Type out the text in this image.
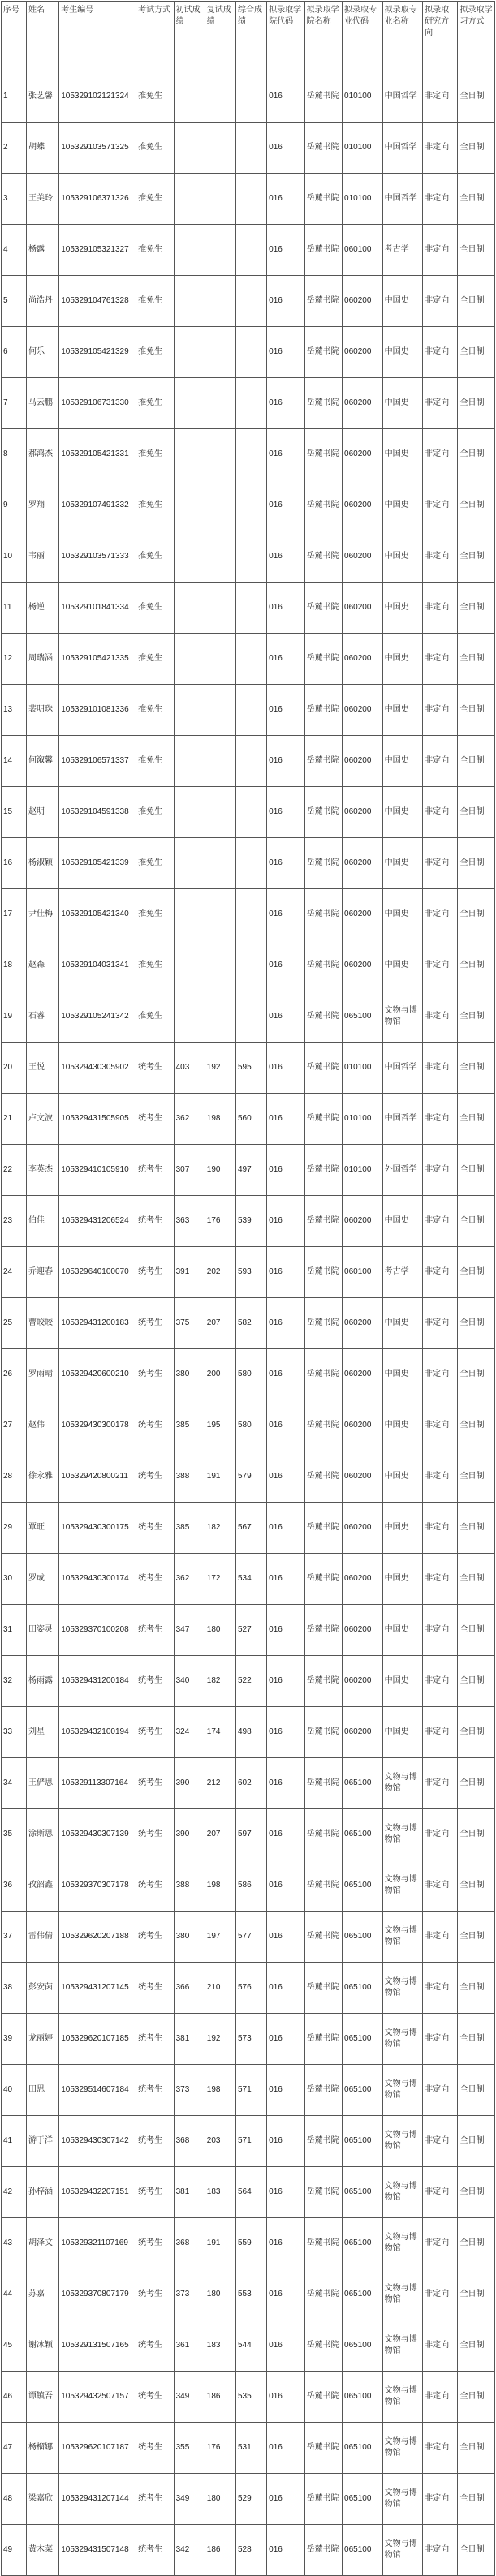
序号	姓名	考生编号	考试方式	初试成绩	复试成绩	综合成绩	拟录取学院代码	拟录取学院名称	拟录取专业代码	拟录取专业名称	拟录取研究方向	拟录取学习方式
1	张艺馨	105329102121324	推免生				016	岳麓书院	010100	中国哲学	非定向	全日制
2	胡蝶	105329103571325	推免生				016	岳麓书院	010100	中国哲学	非定向	全日制
3	王美玲	105329106371326	推免生				016	岳麓书院	010100	中国哲学	非定向	全日制
4	杨露	105329105321327	推免生				016	岳麓书院	060100	考古学	非定向	全日制
5	尚浩丹	105329104761328	推免生				016	岳麓书院	060200	中国史	非定向	全日制
6	何乐	105329105421329	推免生				016	岳麓书院	060200	中国史	非定向	全日制
7	马云鹏	105329106731330	推免生				016	岳麓书院	060200	中国史	非定向	全日制
8	郝鸿杰	105329105421331	推免生				016	岳麓书院	060200	中国史	非定向	全日制
9	罗翔	105329107491332	推免生				016	岳麓书院	060200	中国史	非定向	全日制
10	韦丽	105329103571333	推免生				016	岳麓书院	060200	中国史	非定向	全日制
11	杨逆	105329101841334	推免生				016	岳麓书院	060200	中国史	非定向	全日制
12	周瑞涵	105329105421335	推免生				016	岳麓书院	060200	中国史	非定向	全日制
13	裴明珠	105329101081336	推免生				016	岳麓书院	060200	中国史	非定向	全日制
14	何溆馨	105329106571337	推免生				016	岳麓书院	060200	中国史	非定向	全日制
15	赵明	105329104591338	推免生				016	岳麓书院	060200	中国史	非定向	全日制
16	杨淑颖	105329105421339	推免生				016	岳麓书院	060200	中国史	非定向	全日制
17	尹佳梅	105329105421340	推免生				016	岳麓书院	060200	中国史	非定向	全日制
18	赵森	105329104031341	推免生				016	岳麓书院	060200	中国史	非定向	全日制
19	石睿	105329105241342	推免生				016	岳麓书院	065100	文物与博物馆	非定向	全日制
20	王悦	105329430305902	统考生	403	192	595	016	岳麓书院	010100	中国哲学	非定向	全日制
21	卢文波	105329431505905	统考生	362	198	560	016	岳麓书院	010100	中国哲学	非定向	全日制
22	李英杰	105329410105910	统考生	307	190	497	016	岳麓书院	010100	外国哲学	非定向	全日制
23	伯佳	105329431206524	统考生	363	176	539	016	岳麓书院	060200	中国史	非定向	全日制
24	乔迎春	105329640100070	统考生	391	202	593	016	岳麓书院	060100	考古学	非定向	全日制
25	曹皎皎	105329431200183	统考生	375	207	582	016	岳麓书院	060200	中国史	非定向	全日制
26	罗雨晴	105329420600210	统考生	380	200	580	016	岳麓书院	060200	中国史	非定向	全日制
27	赵伟	105329430300178	统考生	385	195	580	016	岳麓书院	060200	中国史	非定向	全日制
28	徐永雅	105329420800211	统考生	388	191	579	016	岳麓书院	060200	中国史	非定向	全日制
29	覃旺	105329430300175	统考生	385	182	567	016	岳麓书院	060200	中国史	非定向	全日制
30	罗成	105329430300174	统考生	362	172	534	016	岳麓书院	060200	中国史	非定向	全日制
31	田姿灵	105329370100208	统考生	347	180	527	016	岳麓书院	060200	中国史	非定向	全日制
32	杨雨露	105329431200184	统考生	340	182	522	016	岳麓书院	060200	中国史	非定向	全日制
33	刘星	105329432100194	统考生	324	174	498	016	岳麓书院	060200	中国史	非定向	全日制
34	王俨思	105329113307164	统考生	390	212	602	016	岳麓书院	065100	文物与博物馆	非定向	全日制
35	涂斯思	105329430307139	统考生	390	207	597	016	岳麓书院	065100	文物与博物馆	非定向	全日制
36	孜韶鑫	105329370307178	统考生	388	198	586	016	岳麓书院	065100	文物与博物馆	非定向	全日制
37	雷伟倩	105329620207188	统考生	380	197	577	016	岳麓书院	065100	文物与博物馆	非定向	全日制
38	彭安茵	105329431207145	统考生	366	210	576	016	岳麓书院	065100	文物与博物馆	非定向	全日制
39	龙丽婷	105329620107185	统考生	381	192	573	016	岳麓书院	065100	文物与博物馆	非定向	全日制
40	田思	105329514607184	统考生	373	198	571	016	岳麓书院	065100	文物与博物馆	非定向	全日制
41	游于洋	105329430307142	统考生	368	203	571	016	岳麓书院	065100	文物与博物馆	非定向	全日制
42	孙梓涵	105329432207151	统考生	381	183	564	016	岳麓书院	065100	文物与博物馆	非定向	全日制
43	胡泽文	105329321107169	统考生	368	191	559	016	岳麓书院	065100	文物与博物馆	非定向	全日制
44	苏嘉	105329370807179	统考生	373	180	553	016	岳麓书院	065100	文物与博物馆	非定向	全日制
45	谢冰颖	105329131507165	统考生	361	183	544	016	岳麓书院	065100	文物与博物馆	非定向	全日制
46	谭镇吾	105329432507157	统考生	349	186	535	016	岳麓书院	065100	文物与博物馆	非定向	全日制
47	杨榴娜	105329620107187	统考生	355	176	531	016	岳麓书院	065100	文物与博物馆	非定向	全日制
48	梁嘉欣	105329431207144	统考生	349	180	529	016	岳麓书院	065100	文物与博物馆	非定向	全日制
49	黄木菜	105329431507148	统考生	342	186	528	016	岳麓书院	065100	文物与博物馆	非定向	全日制
